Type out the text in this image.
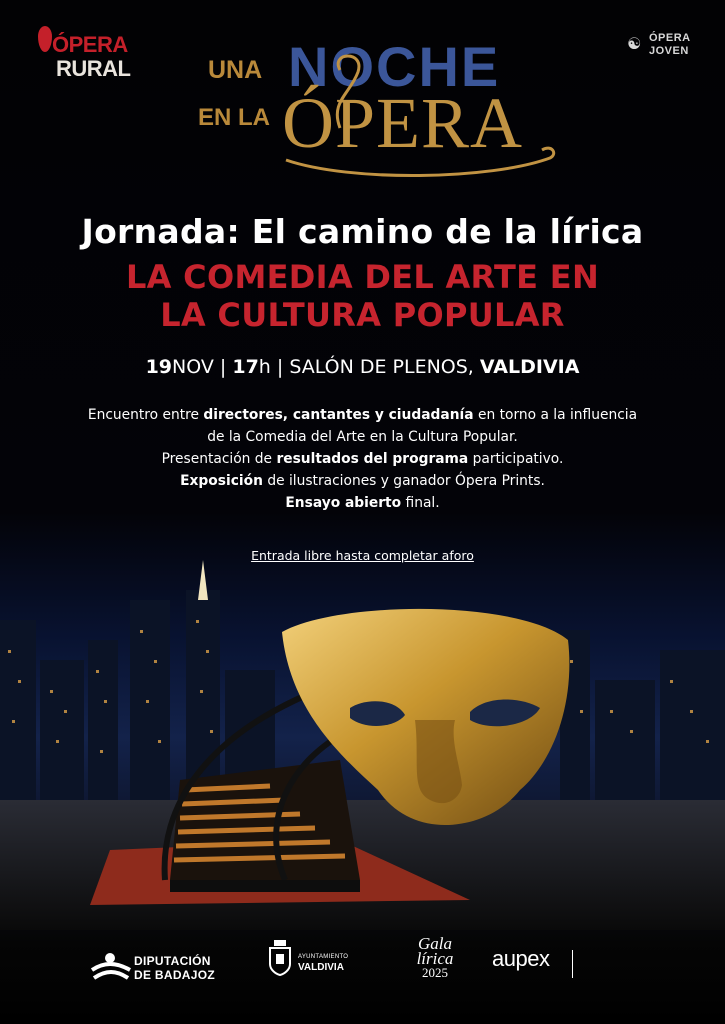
ÓPERA
RURAL
☯ ÓPERA
JOVEN
UNA NOCHE
EN LA ÓPERA
Jornada: El camino de la lírica
LA COMEDIA DEL ARTE EN
LA CULTURA POPULAR
19NOV | 17h | SALÓN DE PLENOS, VALDIVIA
Encuentro entre directores, cantantes y ciudadanía en torno a la influencia
de la Comedia del Arte en la Cultura Popular.
Presentación de resultados del programa participativo.
Exposición de ilustraciones y ganador Ópera Prints.
Ensayo abierto final.
Entrada libre hasta completar aforo
DIPUTACIÓN
DE BADAJOZ
AYUNTAMIENTO
VALDIVIA
Gala
lírica
2025
aupex
